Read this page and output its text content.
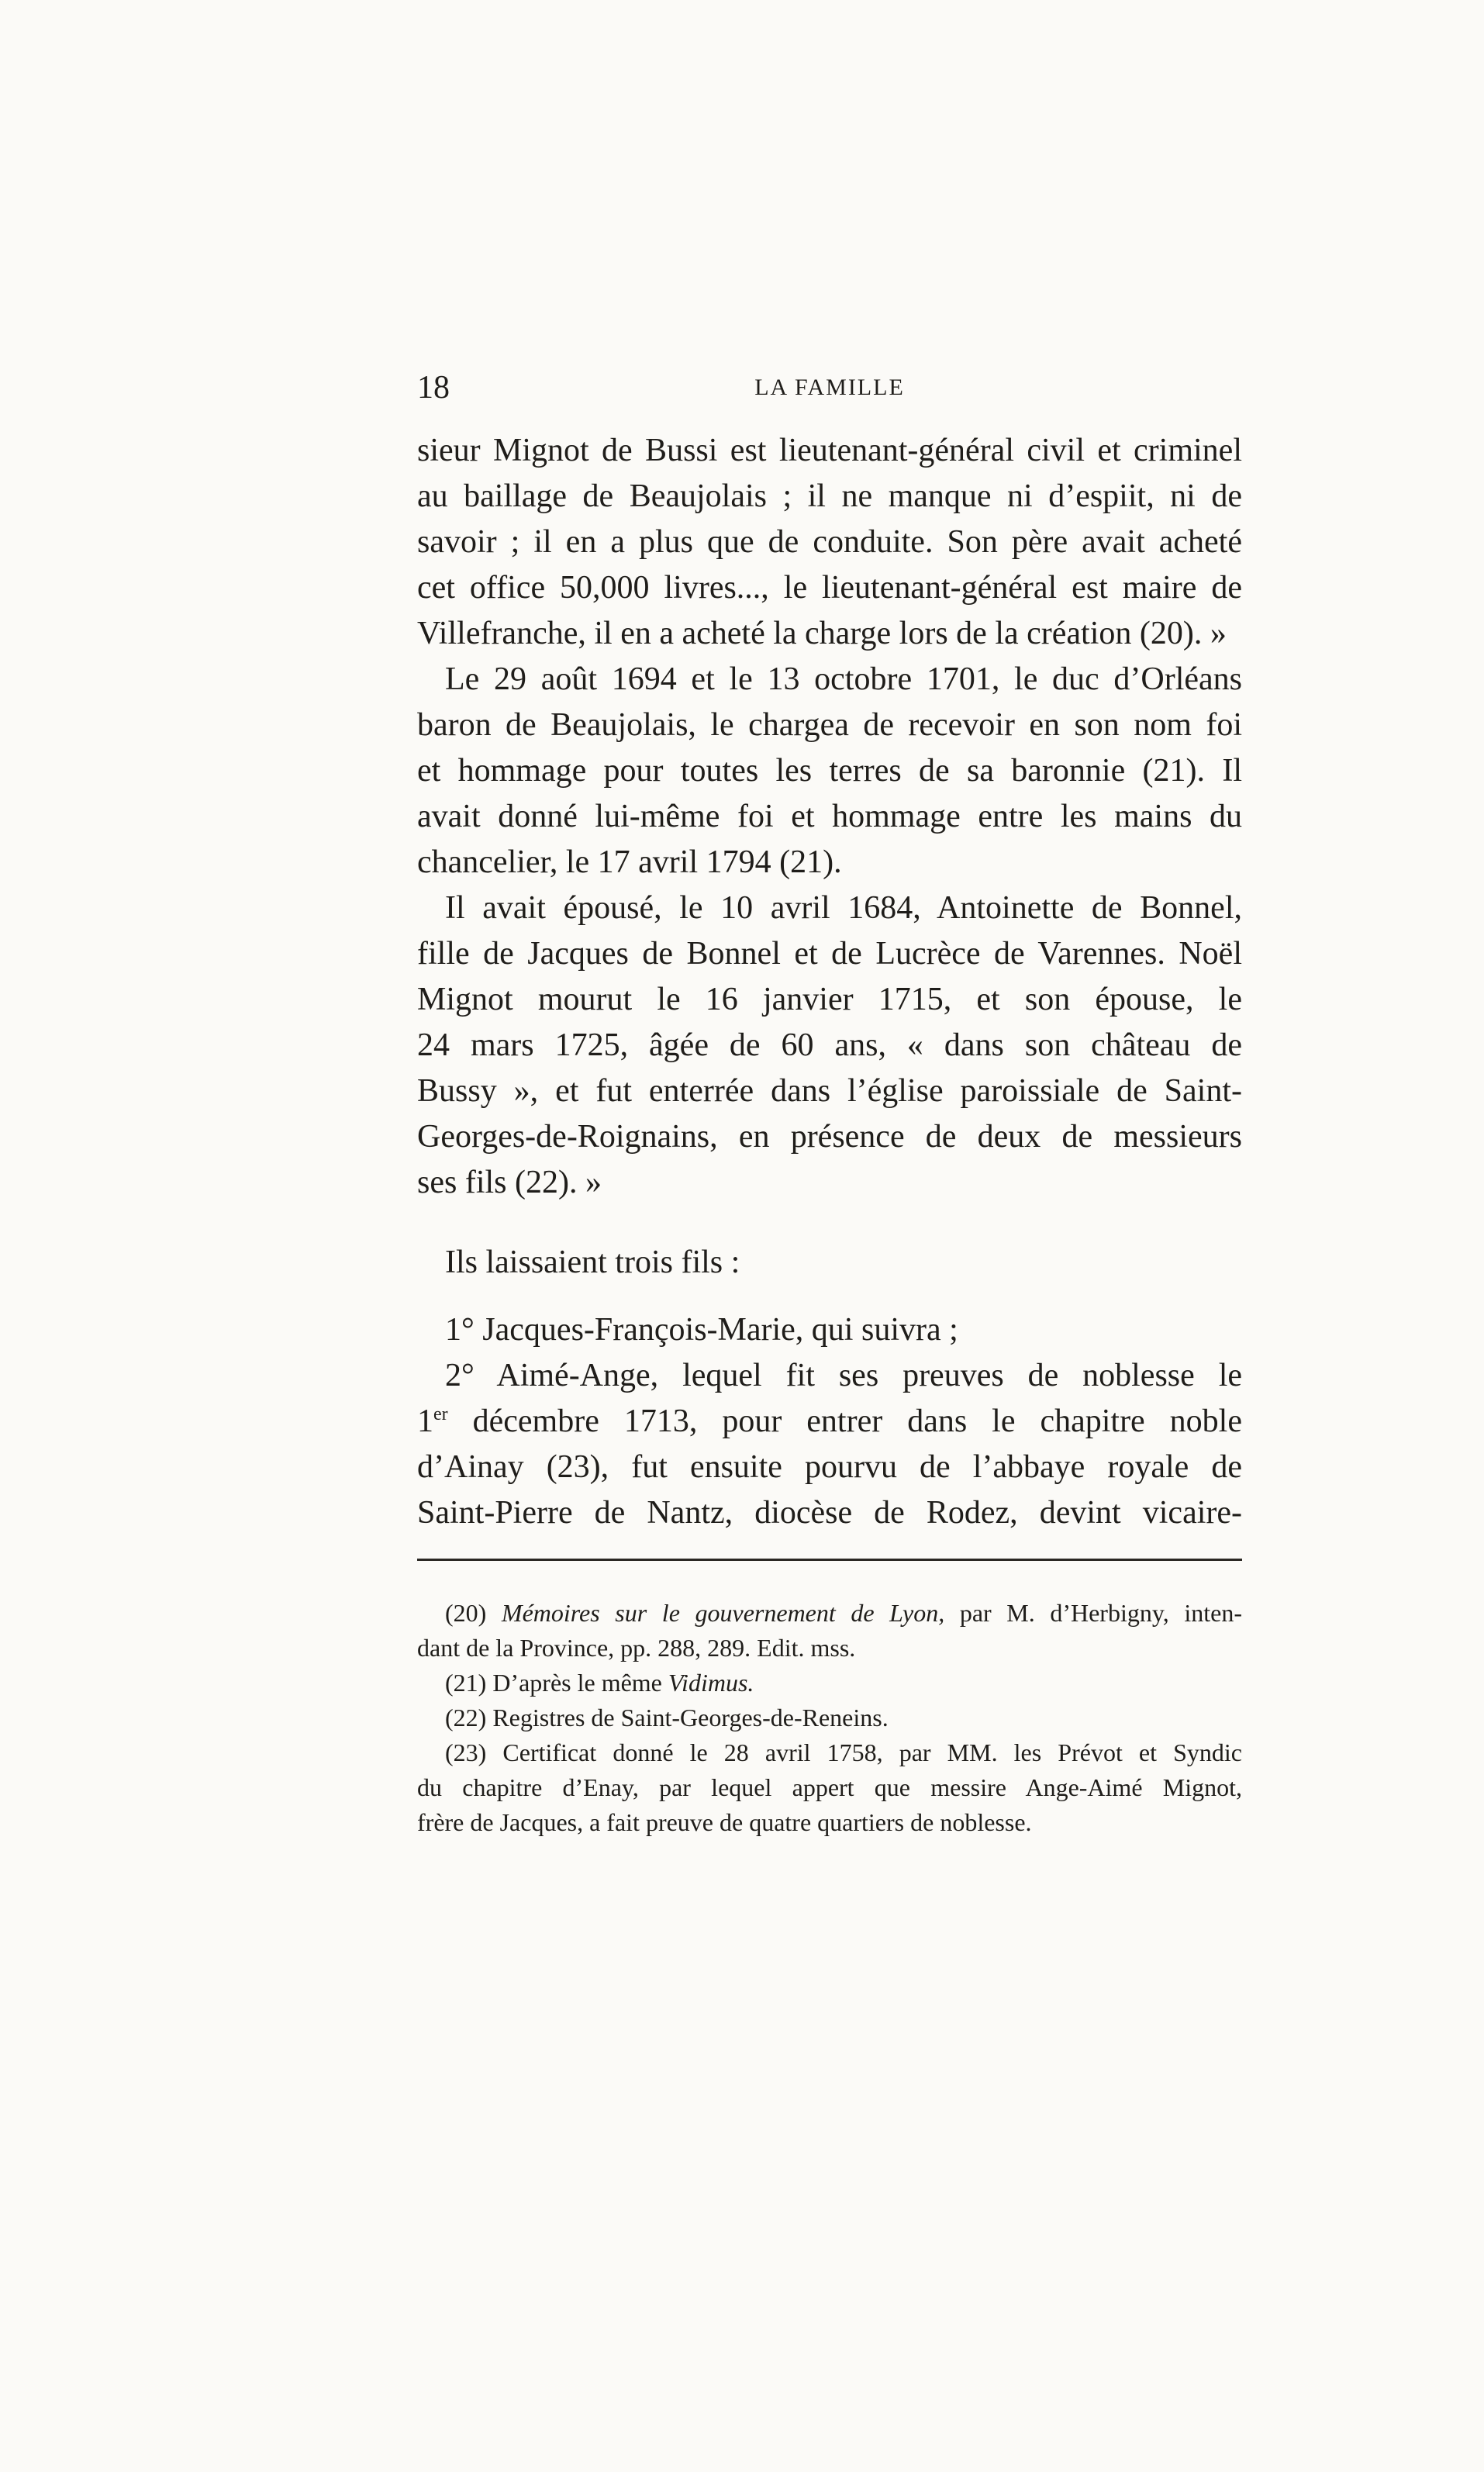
18	LA FAMILLE

sieur Mignot de Bussi est lieutenant-général civil et criminel
au baillage de Beaujolais ; il ne manque ni d’espiit, ni de
savoir ; il en a plus que de conduite. Son père avait acheté
cet office 50,000 livres..., le lieutenant-général est maire de
Villefranche, il en a acheté la charge lors de la création (20). »

Le 29 août 1694 et le 13 octobre 1701, le duc d’Orléans
baron de Beaujolais, le chargea de recevoir en son nom foi
et hommage pour toutes les terres de sa baronnie (21). Il
avait donné lui-même foi et hommage entre les mains du
chancelier, le 17 avril 1794 (21).

Il avait épousé, le 10 avril 1684, Antoinette de Bonnel,
fille de Jacques de Bonnel et de Lucrèce de Varennes. Noël
Mignot mourut le 16 janvier 1715, et son épouse, le
24 mars 1725, âgée de 60 ans, « dans son château de
Bussy », et fut enterrée dans l’église paroissiale de Saint-
Georges-de-Roignains, en présence de deux de messieurs
ses fils (22). »

Ils laissaient trois fils :

1° Jacques-François-Marie, qui suivra ;

2° Aimé-Ange, lequel fit ses preuves de noblesse le
1er décembre 1713, pour entrer dans le chapitre noble
d’Ainay (23), fut ensuite pourvu de l’abbaye royale de
Saint-Pierre de Nantz, diocèse de Rodez, devint vicaire-

(20) Mémoires sur le gouvernement de Lyon, par M. d’Herbigny, inten-
dant de la Province, pp. 288, 289. Edit. mss.

(21) D’après le même Vidimus.

(22) Registres de Saint-Georges-de-Reneins.

(23) Certificat donné le 28 avril 1758, par MM. les Prévot et Syndic
du chapitre d’Enay, par lequel appert que messire Ange-Aimé Mignot,
frère de Jacques, a fait preuve de quatre quartiers de noblesse.
